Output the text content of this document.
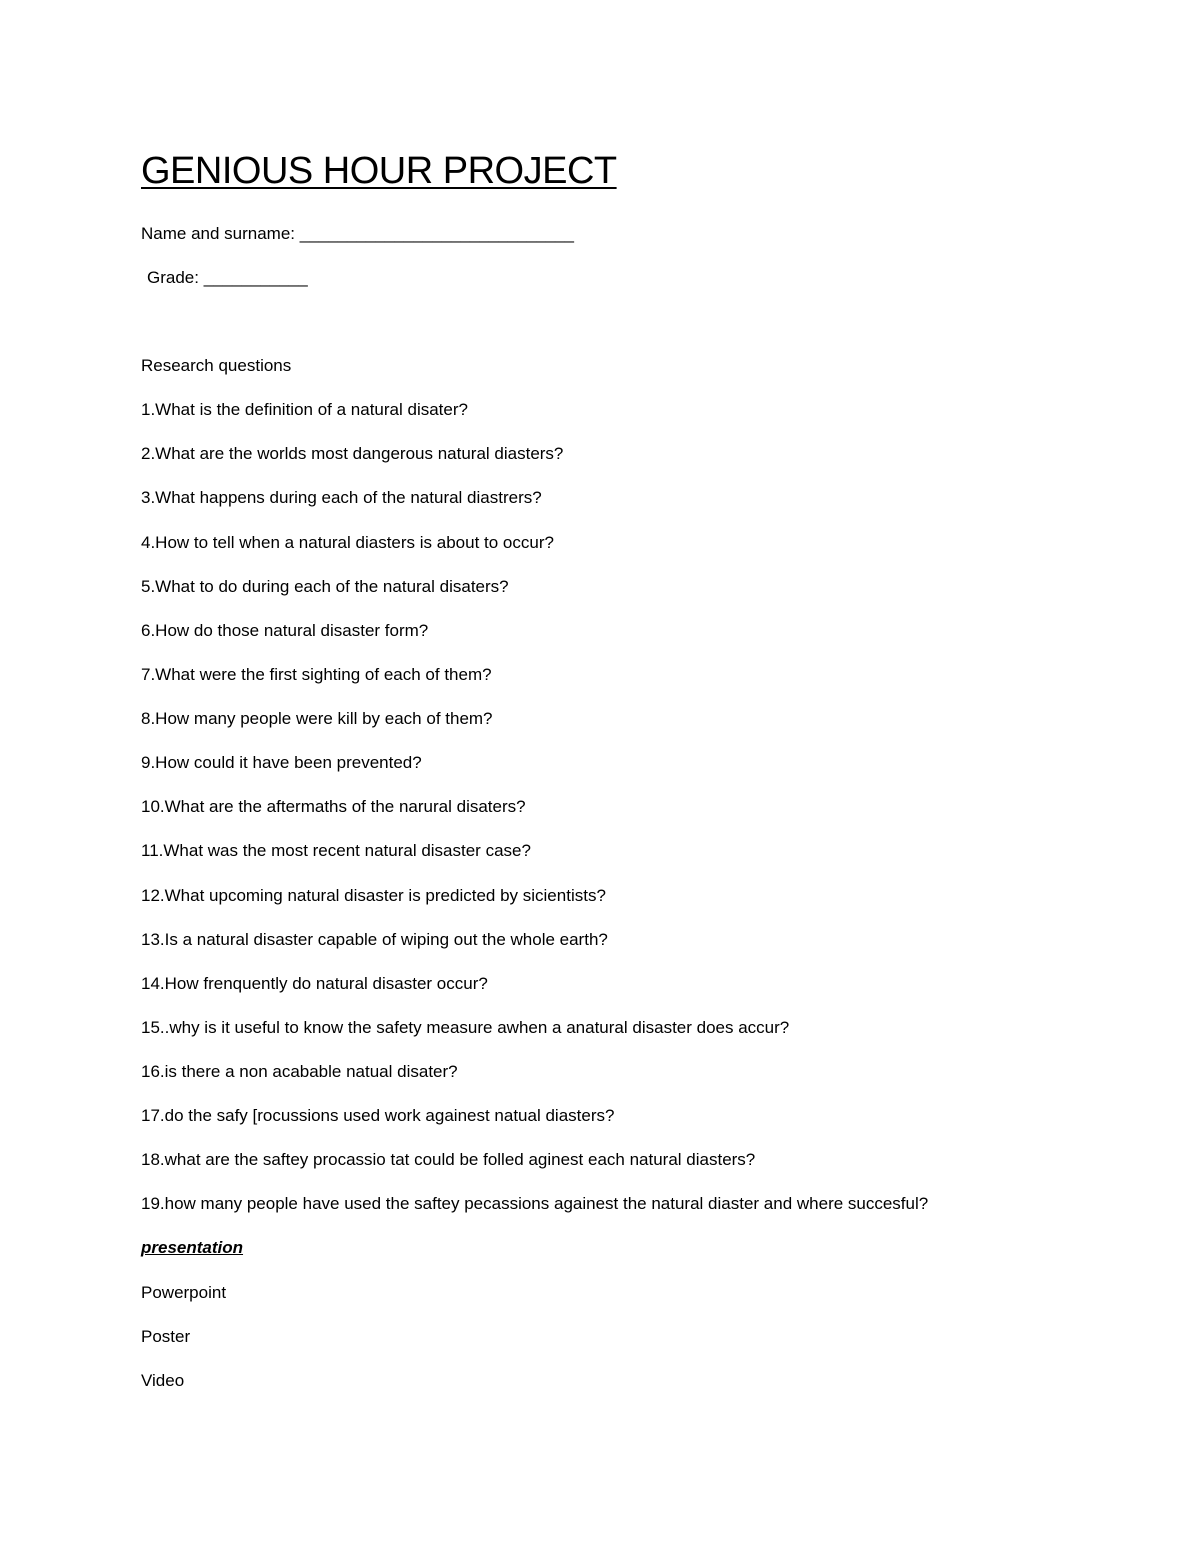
GENIOUS HOUR PROJECT
Name and surname: _____________________________
Grade: ___________
Research questions
1.What is the definition of a natural disater?
2.What are the worlds most dangerous natural diasters?
3.What happens during each of the natural diastrers?
4.How to tell when a natural diasters is about to occur?
5.What to do during each of the natural disaters?
6.How do those natural disaster form?
7.What were the first sighting of each of them?
8.How many people were kill by each of them?
9.How could it have been prevented?
10.What are the aftermaths of the narural disaters?
11.What was the most recent natural disaster case?
12.What upcoming natural disaster is predicted by sicientists?
13.Is a natural disaster capable of wiping out the whole earth?
14.How frenquently do natural disaster occur?
15..why is it useful to know the safety measure awhen a anatural disaster does accur?
16.is there a non acabable natual disater?
17.do the safy [rocussions used work againest natual diasters?
18.what are the saftey procassio tat could be folled aginest each natural diasters?
19.how many people have used the saftey pecassions againest the natural diaster and where succesful?
presentation
Powerpoint
Poster
Video
